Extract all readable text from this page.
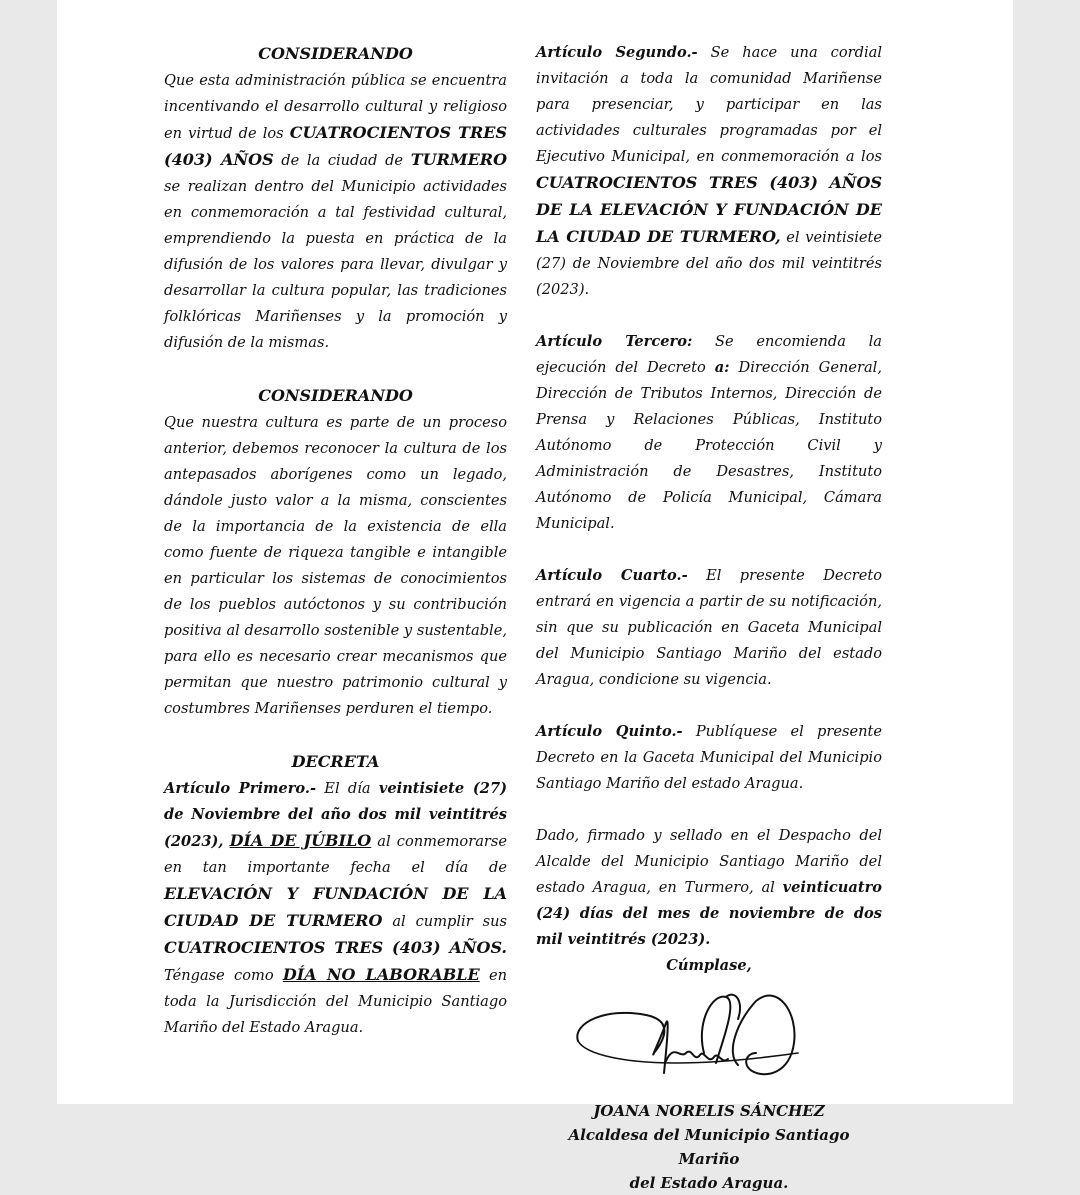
CONSIDERANDO

Que esta administración pública se encuentra incentivando el desarrollo cultural y religioso en virtud de los CUATROCIENTOS TRES (403) AÑOS de la ciudad de TURMERO se realizan dentro del Municipio actividades en conmemoración a tal festividad cultural, emprendiendo la puesta en práctica de la difusión de los valores para llevar, divulgar y desarrollar la cultura popular, las tradiciones folklóricas Mariñenses y la promoción y difusión de la mismas.

CONSIDERANDO

Que nuestra cultura es parte de un proceso anterior, debemos reconocer la cultura de los antepasados aborígenes como un legado, dándole justo valor a la misma, conscientes de la importancia de la existencia de ella como fuente de riqueza tangible e intangible en particular los sistemas de conocimientos de los pueblos autóctonos y su contribución positiva al desarrollo sostenible y sustentable, para ello es necesario crear mecanismos que permitan que nuestro patrimonio cultural y costumbres Mariñenses perduren el tiempo.

DECRETA

Artículo Primero.- El día veintisiete (27) de Noviembre del año dos mil veintitrés (2023), DÍA DE JÚBILO al conmemorarse en tan importante fecha el día de ELEVACIÓN Y FUNDACIÓN DE LA CIUDAD DE TURMERO al cumplir sus CUATROCIENTOS TRES (403) AÑOS. Téngase como DÍA NO LABORABLE en toda la Jurisdicción del Municipio Santiago Mariño del Estado Aragua.

Artículo Segundo.- Se hace una cordial invitación a toda la comunidad Mariñense para presenciar, y participar en las actividades culturales programadas por el Ejecutivo Municipal, en conmemoración a los CUATROCIENTOS TRES (403) AÑOS DE LA ELEVACIÓN Y FUNDACIÓN DE LA CIUDAD DE TURMERO, el veintisiete (27) de Noviembre del año dos mil veintitrés (2023).

Artículo Tercero: Se encomienda la ejecución del Decreto a: Dirección General, Dirección de Tributos Internos, Dirección de Prensa y Relaciones Públicas, Instituto Autónomo de Protección Civil y Administración de Desastres, Instituto Autónomo de Policía Municipal, Cámara Municipal.

Artículo Cuarto.- El presente Decreto entrará en vigencia a partir de su notificación, sin que su publicación en Gaceta Municipal del Municipio Santiago Mariño del estado Aragua, condicione su vigencia.

Artículo Quinto.- Publíquese el presente Decreto en la Gaceta Municipal del Municipio Santiago Mariño del estado Aragua.

Dado, firmado y sellado en el Despacho del Alcalde del Municipio Santiago Mariño del estado Aragua, en Turmero, al veinticuatro (24) días del mes de noviembre de dos mil veintitrés (2023).

Cúmplase,
JOANA NORELIS SÁNCHEZ
Alcaldesa del Municipio Santiago Mariño
del Estado Aragua.
